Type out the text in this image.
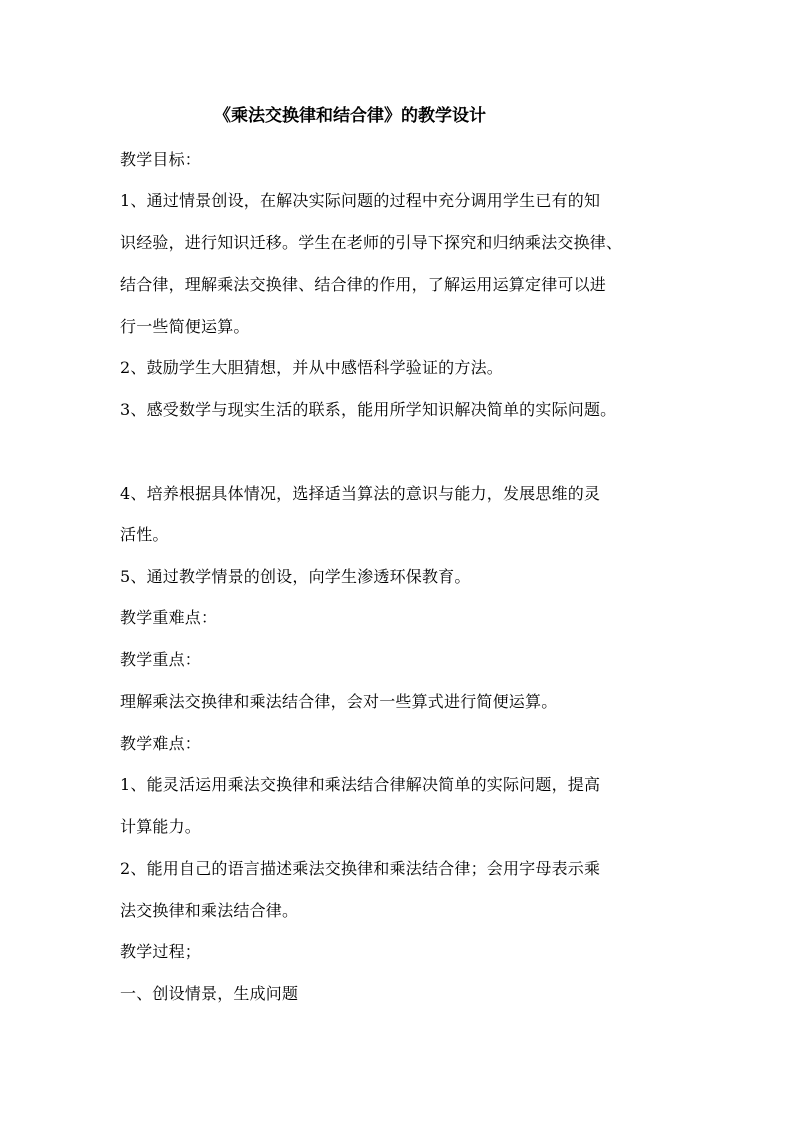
《乘法交换律和结合律》的教学设计
教学目标：
1、通过情景创设，在解决实际问题的过程中充分调用学生已有的知
识经验，进行知识迁移。学生在老师的引导下探究和归纳乘法交换律、
结合律，理解乘法交换律、结合律的作用，了解运用运算定律可以进
行一些简便运算。
2、鼓励学生大胆猜想，并从中感悟科学验证的方法。
3、感受数学与现实生活的联系，能用所学知识解决简单的实际问题。
4、培养根据具体情况，选择适当算法的意识与能力，发展思维的灵
活性。
5、通过教学情景的创设，向学生渗透环保教育。
教学重难点：
教学重点：
理解乘法交换律和乘法结合律，会对一些算式进行简便运算。
教学难点：
1、能灵活运用乘法交换律和乘法结合律解决简单的实际问题，提高
计算能力。
2、能用自己的语言描述乘法交换律和乘法结合律；会用字母表示乘
法交换律和乘法结合律。
教学过程；
一、创设情景，生成问题
